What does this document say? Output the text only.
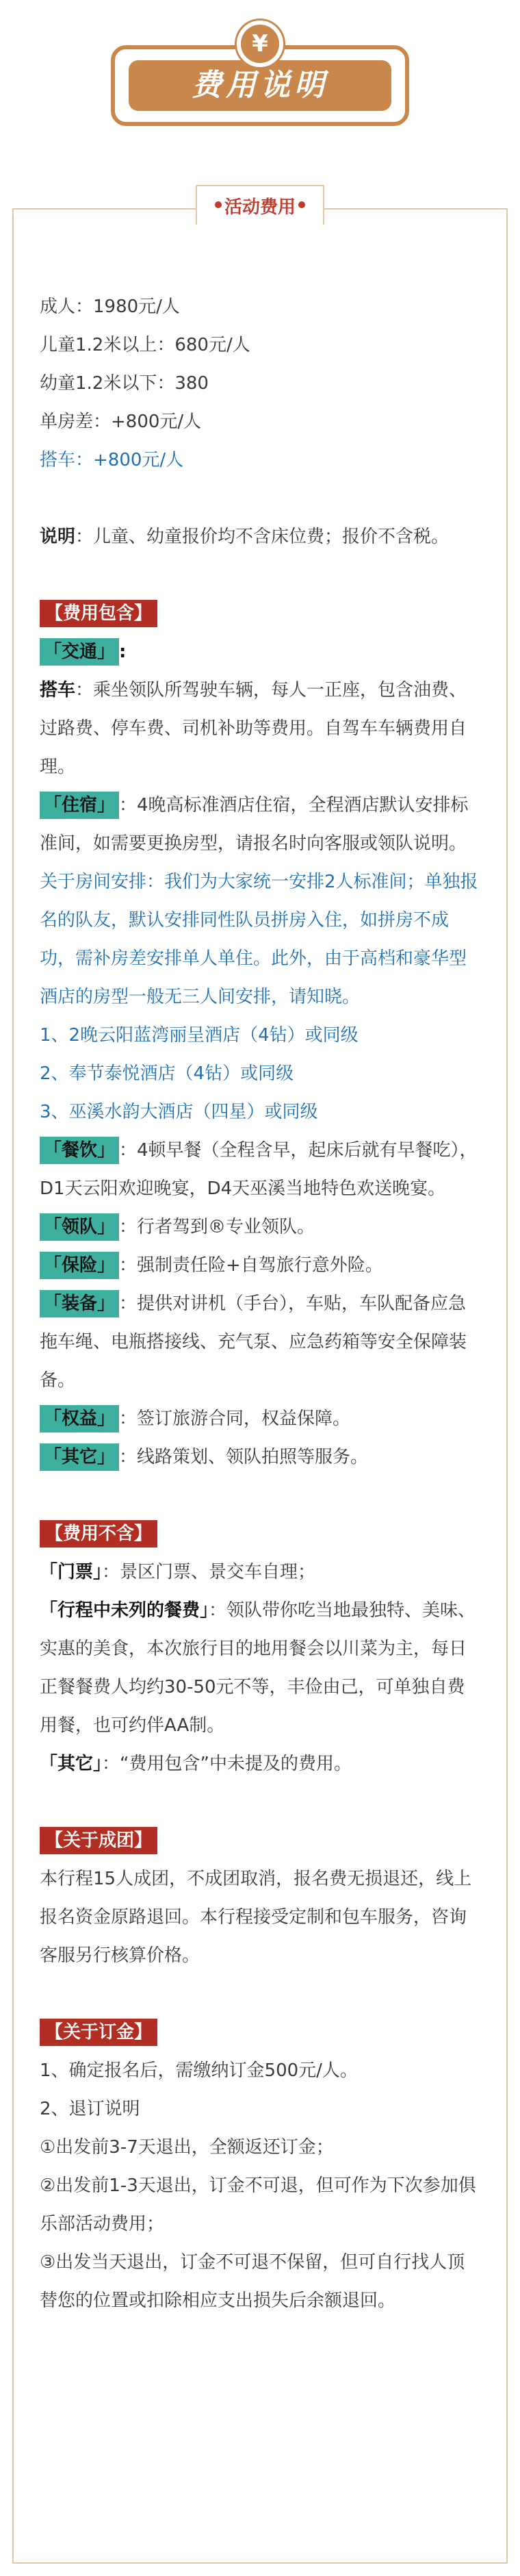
¥
费用说明
活动费用
成人：1980元/人
儿童1.2米以上：680元/人
幼童1.2米以下：380
单房差：+800元/人
搭车：+800元/人
说明：儿童、幼童报价均不含床位费；报价不含税。
【费用包含】
「交通」 :
搭车：乘坐领队所驾驶车辆，每人一正座，包含油费、过路费、停车费、司机补助等费用。自驾车车辆费用自理。
「住宿」 ：4晚高标准酒店住宿，全程酒店默认安排标准间，如需要更换房型，请报名时向客服或领队说明。
关于房间安排：我们为大家统一安排2人标准间；单独报名的队友，默认安排同性队员拼房入住，如拼房不成功，需补房差安排单人单住。此外，由于高档和豪华型酒店的房型一般无三人间安排，请知晓。
1、2晚云阳蓝湾丽呈酒店（4钻）或同级
2、奉节泰悦酒店（4钻）或同级
3、巫溪水韵大酒店（四星）或同级
「餐饮」 ：4顿早餐（全程含早，起床后就有早餐吃），D1天云阳欢迎晚宴，D4天巫溪当地特色欢送晚宴。
「领队」 ：行者驾到®专业领队。
「保险」 ：强制责任险+自驾旅行意外险。
「装备」 ：提供对讲机（手台），车贴，车队配备应急拖车绳、电瓶搭接线、充气泵、应急药箱等安全保障装备。
「权益」 ：签订旅游合同，权益保障。
「其它」 ：线路策划、领队拍照等服务。
【费用不含】
「门票」：景区门票、景交车自理；
「行程中未列的餐费」：领队带你吃当地最独特、美味、实惠的美食，本次旅行目的地用餐会以川菜为主，每日正餐餐费人均约30-50元不等，丰俭由己，可单独自费用餐，也可约伴AA制。
「其它」：“费用包含”中未提及的费用。
【关于成团】
本行程15人成团，不成团取消，报名费无损退还，线上报名资金原路退回。本行程接受定制和包车服务，咨询客服另行核算价格。
【关于订金】
1、确定报名后，需缴纳订金500元/人。
2、退订说明
①出发前3-7天退出，全额返还订金；
②出发前1-3天退出，订金不可退，但可作为下次参加俱乐部活动费用；
③出发当天退出，订金不可退不保留，但可自行找人顶替您的位置或扣除相应支出损失后余额退回。
